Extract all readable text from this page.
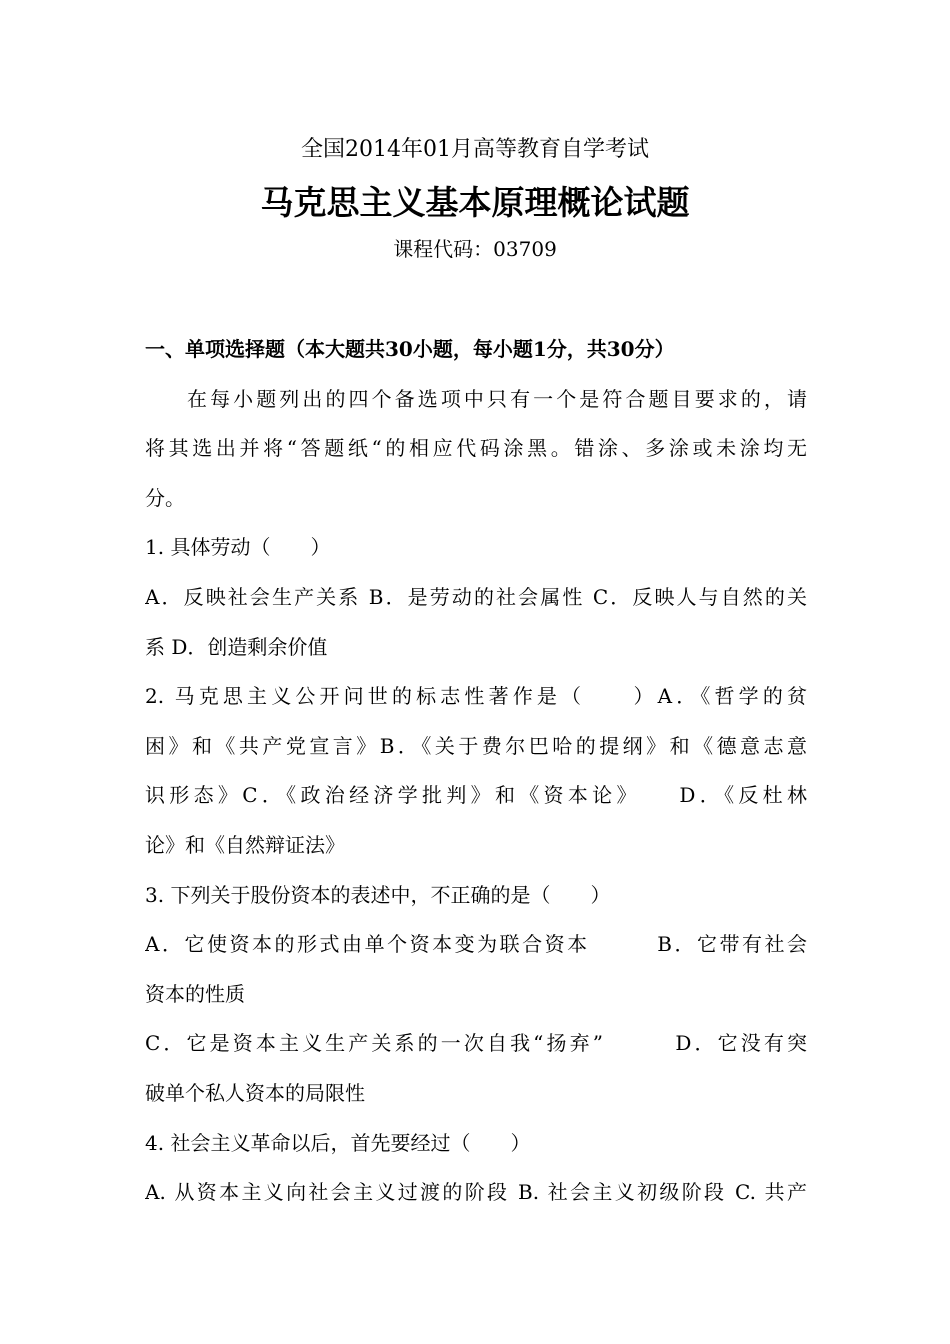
全国2014年01月高等教育自学考试
马克思主义基本原理概论试题
课程代码：03709

一、单项选择题（本大题共30小题，每小题1分，共30分）

在每小题列出的四个备选项中只有一个是符合题目要求的，请

将其选出并将“答题纸“的相应代码涂黑。错涂、多涂或未涂均无

分。

1. 具体劳动（　　）

A．反映社会生产关系 B．是劳动的社会属性 C．反映人与自然的关

系 D．创造剩余价值

2. 马克思主义公开问世的标志性著作是（　　）A．《哲学的贫

困》和《共产党宣言》B．《关于费尔巴哈的提纲》和《德意志意

识形态》C．《政治经济学批判》和《资本论》　　D．《反杜林

论》和《自然辩证法》

3. 下列关于股份资本的表述中，不正确的是（　　）

A．它使资本的形式由单个资本变为联合资本　　　B．它带有社会

资本的性质

C．它是资本主义生产关系的一次自我“扬弃”　　　D．它没有突

破单个私人资本的局限性

4. 社会主义革命以后，首先要经过（　　）

A. 从资本主义向社会主义过渡的阶段 B. 社会主义初级阶段 C. 共产
